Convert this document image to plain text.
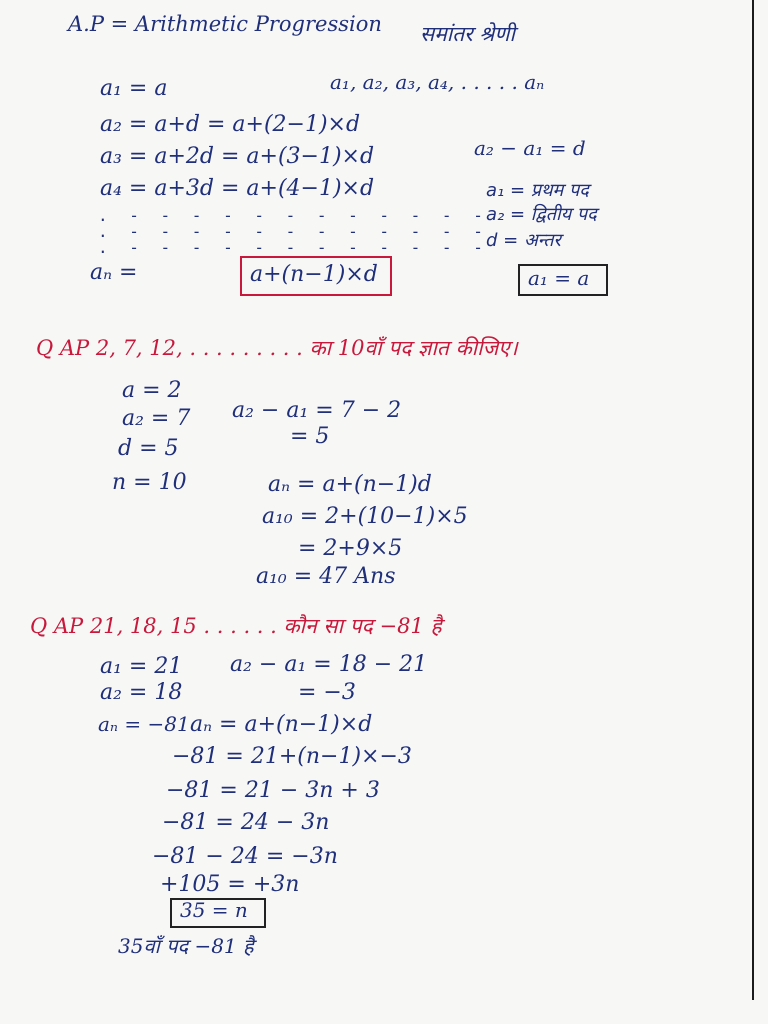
A.P = Arithmetic Progression समांतर श्रेणी
a₁ = a	a₁, a₂, a₃, a₄, . . . . . aₙ
a₂ = a+d = a+(2−1)×d
a₃ = a+2d = a+(3−1)×d
a₄ = a+3d = a+(4−1)×d
a₂ − a₁ = d
a₁ = प्रथम पद
a₂ = द्वितीय पद
d = अन्तर
. - - - - - - - - - - - -
. - - - - - - - - - - - -
. - - - - - - - - - - - -
aₙ =	a+(n−1)×d	a₁ = a
Q AP 2, 7, 12, . . . . . . . . . का 10वाँ पद ज्ञात कीजिए।
a = 2
a₂ = 7
d = 5
n = 10
a₂ − a₁ = 7 − 2
= 5
aₙ = a+(n−1)d
a₁₀ = 2+(10−1)×5
= 2+9×5
a₁₀ = 47 Ans
Q AP 21, 18, 15 . . . . . . कौन सा पद −81 है
a₁ = 21
a₂ = 18
aₙ = −81
a₂ − a₁ = 18 − 21
= −3
aₙ = a+(n−1)×d
−81 = 21+(n−1)×−3
−81 = 21 − 3n + 3
−81 = 24 − 3n
−81 − 24 = −3n
+105 = +3n
35 = n
35वाँ पद −81 है
